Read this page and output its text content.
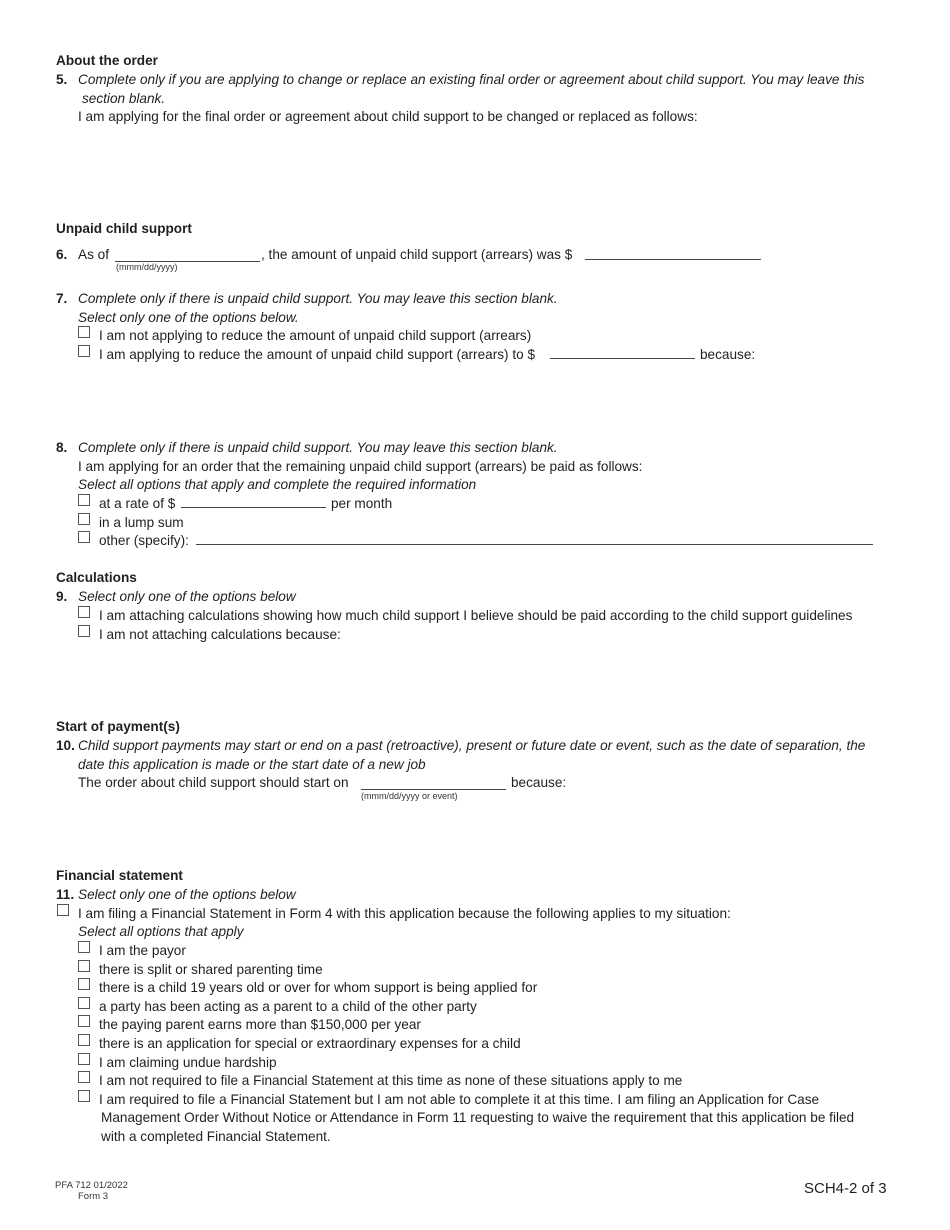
About the order
5. Complete only if you are applying to change or replace an existing final order or agreement about child support. You may leave this
section blank.
I am applying for the final order or agreement about child support to be changed or replaced as follows:
Unpaid child support
6. As of
(mmm/dd/yyyy)
, the amount of unpaid child support (arrears) was $
7. Complete only if there is unpaid child support. You may leave this section blank.
Select only one of the options below.
I am not applying to reduce the amount of unpaid child support (arrears)
I am applying to reduce the amount of unpaid child support (arrears) to $	because:
8. Complete only if there is unpaid child support. You may leave this section blank.
I am applying for an order that the remaining unpaid child support (arrears) be paid as follows:
Select all options that apply and complete the required information
at a rate of $	per month
in a lump sum
other (specify):
Calculations
9. Select only one of the options below
I am attaching calculations showing how much child support I believe should be paid according to the child support guidelines
I am not attaching calculations because:
Start of payment(s)
10. Child support payments may start or end on a past (retroactive), present or future date or event, such as the date of separation, the
date this application is made or the start date of a new job
The order about child support should start on
(mmm/dd/yyyy or event)
because:
Financial statement
11. Select only one of the options below
I am filing a Financial Statement in Form 4 with this application because the following applies to my situation:
Select all options that apply
I am the payor
there is split or shared parenting time
there is a child 19 years old or over for whom support is being applied for
a party has been acting as a parent to a child of the other party
the paying parent earns more than $150,000 per year
there is an application for special or extraordinary expenses for a child
I am claiming undue hardship
I am not required to file a Financial Statement at this time as none of these situations apply to me
I am required to file a Financial Statement but I am not able to complete it at this time. I am filing an Application for Case
Management Order Without Notice or Attendance in Form 11 requesting to waive the requirement that this application be filed
with a completed Financial Statement.
PFA 712 01/2022
Form 3	SCH4-2 of 3
